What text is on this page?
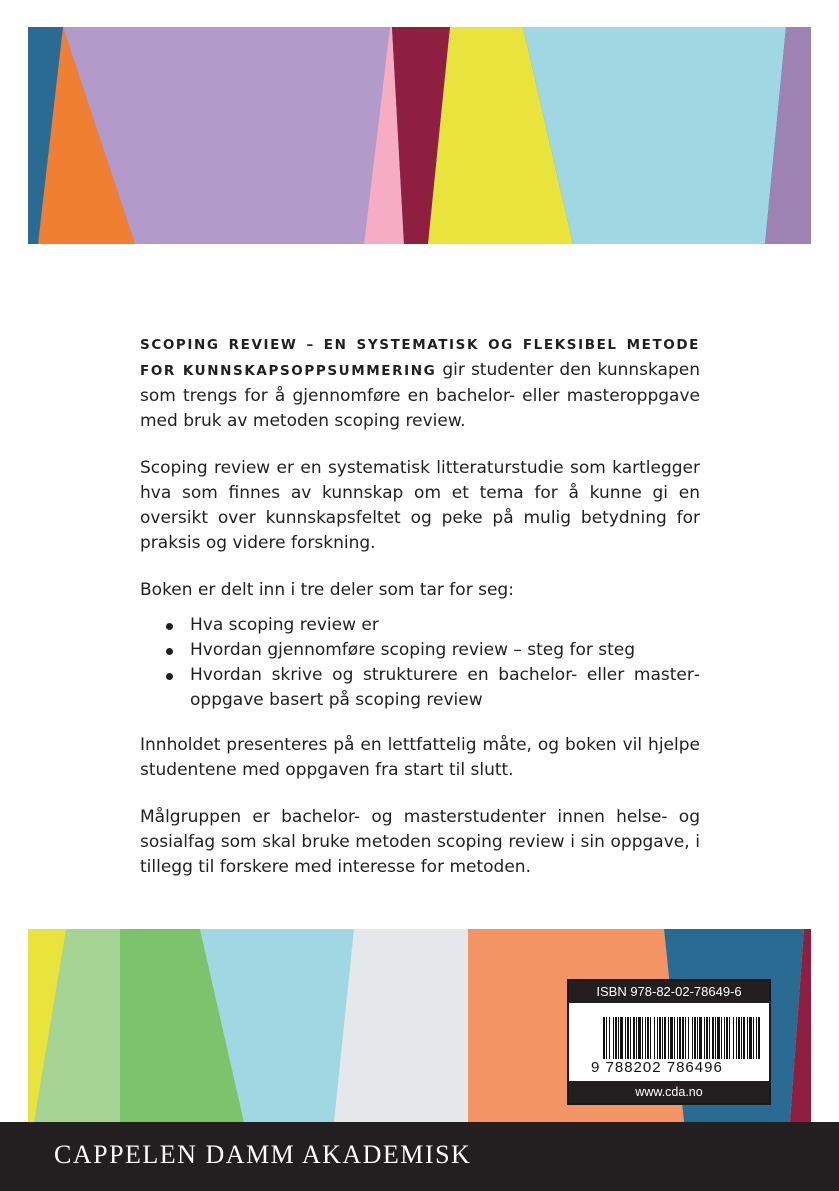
SCOPING REVIEW – EN SYSTEMATISK OG FLEKSIBEL METODE FOR KUNNSKAPSOPPSUMMERING gir studenter den kunnskapen som trengs for å gjennomføre en bachelor- eller masteroppgave med bruk av metoden scoping review.

Scoping review er en systematisk litteraturstudie som kartlegger hva som finnes av kunnskap om et tema for å kunne gi en oversikt over kunnskapsfeltet og peke på mulig betydning for praksis og videre forskning.

Boken er delt inn i tre deler som tar for seg:

Hva scoping review er
Hvordan gjennomføre scoping review – steg for steg
Hvordan skrive og strukturere en bachelor- eller masteroppgave basert på scoping review

Innholdet presenteres på en lettfattelig måte, og boken vil hjelpe studentene med oppgaven fra start til slutt.

Målgruppen er bachelor- og masterstudenter innen helse- og sosialfag som skal bruke metoden scoping review i sin oppgave, i tillegg til forskere med interesse for metoden.

ISBN 978-82-02-78649-6
9 788202 786496
www.cda.no
CAPPELEN DAMM AKADEMISK
